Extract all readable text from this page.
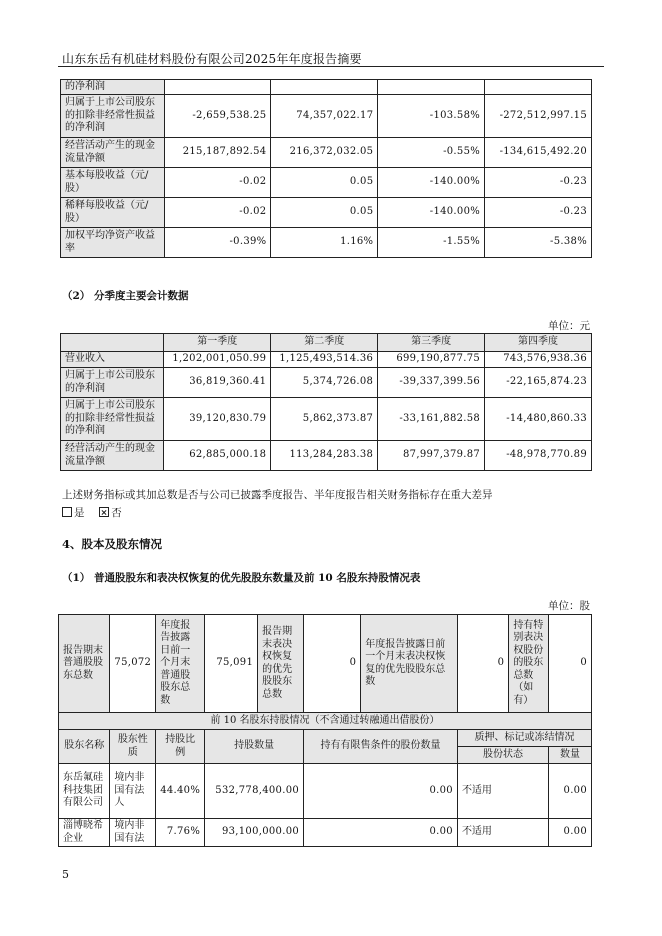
山东东岳有机硅材料股份有限公司2025年年度报告摘要
的净利润				
归属于上市公司股东的扣除非经常性损益的净利润	-2,659,538.25	74,357,022.17	-103.58%	-272,512,997.15
经营活动产生的现金流量净额	215,187,892.54	216,372,032.05	-0.55%	-134,615,492.20
基本每股收益（元/股）	-0.02	0.05	-140.00%	-0.23
稀释每股收益（元/股）	-0.02	0.05	-140.00%	-0.23
加权平均净资产收益率	-0.39%	1.16%	-1.55%	-5.38%
（2） 分季度主要会计数据
单位：元
	第一季度	第二季度	第三季度	第四季度
营业收入	1,202,001,050.99	1,125,493,514.36	699,190,877.75	743,576,938.36
归属于上市公司股东的净利润	36,819,360.41	5,374,726.08	-39,337,399.56	-22,165,874.23
归属于上市公司股东的扣除非经常性损益的净利润	39,120,830.79	5,862,373.87	-33,161,882.58	-14,480,860.33
经营活动产生的现金流量净额	62,885,000.18	113,284,283.38	87,997,379.87	-48,978,770.89
上述财务指标或其加总数是否与公司已披露季度报告、半年度报告相关财务指标存在重大差异
是	否
4、股本及股东情况
（1） 普通股股东和表决权恢复的优先股股东数量及前 10 名股东持股情况表
单位：股
报告期末普通股股东总数	75,072	年度报告披露日前一个月末普通股股东总数	75,091	报告期末表决权恢复的优先股股东总数	0	年度报告披露日前一个月末表决权恢复的优先股股东总数	0	持有特别表决权股份的股东总数（如有）	0
前 10 名股东持股情况（不含通过转融通出借股份）									
股东名称	股东性质	持股比例	持股数量		持有有限售条件的股份数量		质押、标记或冻结情况		
							股份状态		数量
东岳氟硅科技集团有限公司	境内非国有法人	44.40%	532,778,400.00		0.00		不适用		0.00
淄博晓希企业	境内非国有法	7.76%	93,100,000.00		0.00		不适用		0.00
5
